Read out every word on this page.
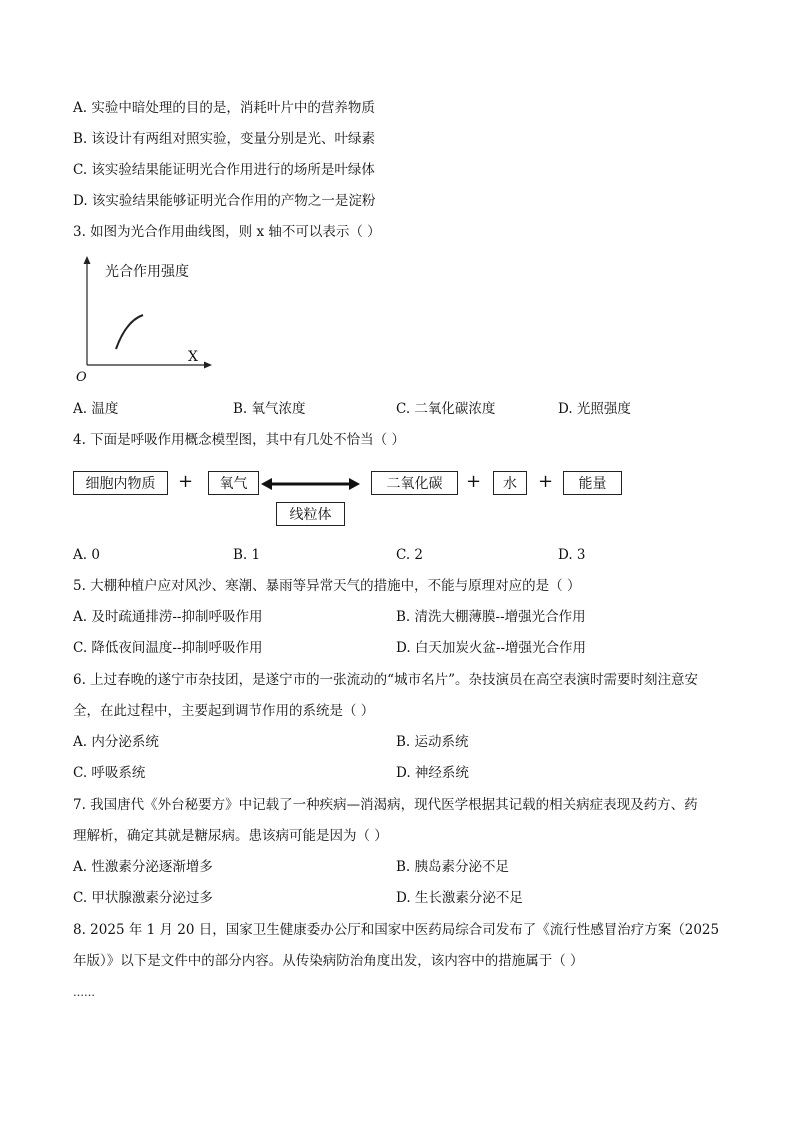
A. 实验中暗处理的目的是，消耗叶片中的营养物质
B. 该设计有两组对照实验，变量分别是光、叶绿素
C. 该实验结果能证明光合作用进行的场所是叶绿体
D. 该实验结果能够证明光合作用的产物之一是淀粉
3. 如图为光合作用曲线图，则 x 轴不可以表示（ ）
光合作用强度
X
O
A. 温度	B. 氧气浓度	C. 二氧化碳浓度	D. 光照强度
4. 下面是呼吸作用概念模型图，其中有几处不恰当（ ）
细胞内物质	+	氧气	二氧化碳	+	水	+	能量
线粒体
A. 0	B. 1	C. 2	D. 3
5. 大棚种植户应对风沙、寒潮、暴雨等异常天气的措施中，不能与原理对应的是（ ）
A. 及时疏通排涝--抑制呼吸作用	B. 清洗大棚薄膜--增强光合作用
C. 降低夜间温度--抑制呼吸作用	D. 白天加炭火盆--增强光合作用
6. 上过春晚的遂宁市杂技团，是遂宁市的一张流动的“城市名片”。杂技演员在高空表演时需要时刻注意安
全，在此过程中，主要起到调节作用的系统是（ ）
A. 内分泌系统	B. 运动系统
C. 呼吸系统	D. 神经系统
7. 我国唐代《外台秘要方》中记载了一种疾病—消渴病，现代医学根据其记载的相关病症表现及药方、药
理解析，确定其就是糖尿病。患该病可能是因为（ ）
A. 性激素分泌逐渐增多	B. 胰岛素分泌不足
C. 甲状腺激素分泌过多	D. 生长激素分泌不足
8. 2025 年 1 月 20 日，国家卫生健康委办公厅和国家中医药局综合司发布了《流行性感冒治疗方案（2025
年版）》以下是文件中的部分内容。从传染病防治角度出发，该内容中的措施属于（ ）
……
